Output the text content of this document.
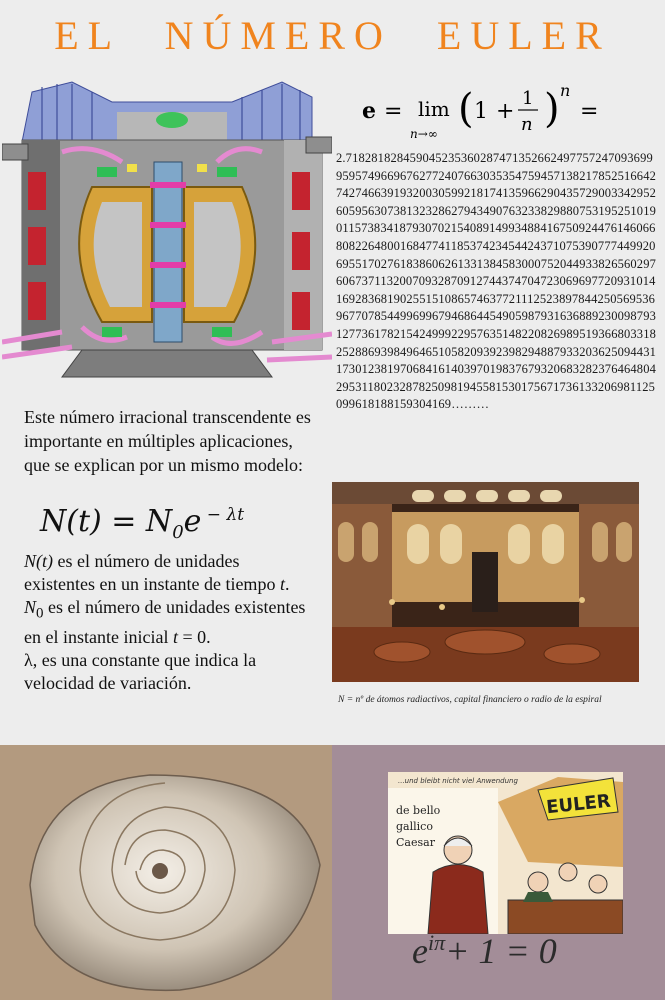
EL NÚMERO EULER
e = lim
n→∞
( 1 +
1
n ) n
=
2.71828182845904523536028747135266249775724709369995957496696762772407663035354759457138217852516642742746639193200305992181741359662904357290033429526059563073813232862794349076323382988075319525101901157383418793070215408914993488416750924476146066808226480016847741185374234544243710753907774499206955170276183860626133138458300075204493382656029760673711320070932870912744374704723069697720931014169283681902551510865746377211125238978442505695369677078544996996794686445490598793163688923009879312773617821542499922957635148220826989519366803318252886939849646510582093923982948879332036250944311730123819706841614039701983767932068328237646480429531180232878250981945581530175671736133206981125099618188159304169………
Este número irracional transcendente es importante en múltiples aplicaciones, que se explican por un mismo modelo:
$N(t) = N_0e$ $^{- \lambda t}$

N(t) es el número de unidades existentes en un instante de tiempo t.

$N_0$ es el número de unidades existentes en el instante inicial t = 0.

λ, es una constante que indica la velocidad de variación.

N = nº de átomos radiactivos, capital financiero o radio de la espiral
...und bleibt nicht viel Anwendung
de bello
gallico
Caesar
EULER
$e^{i\pi}+ 1 = 0$
